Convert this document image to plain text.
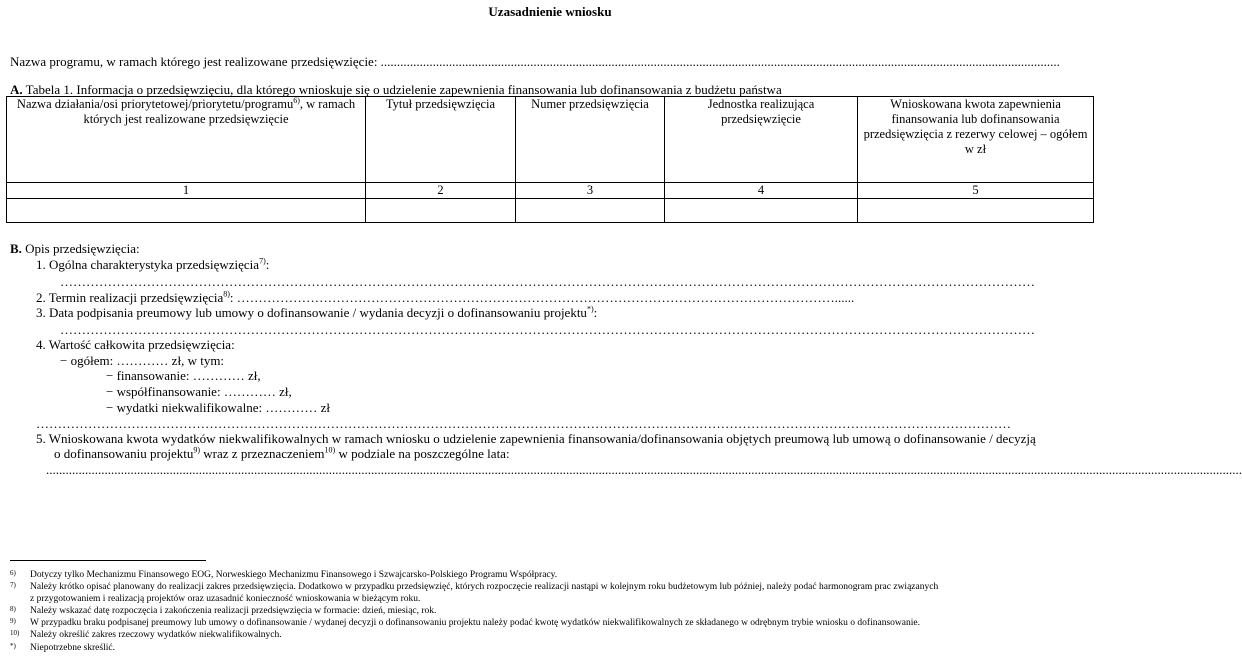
Uzasadnienie wniosku
Nazwa programu, w ramach którego jest realizowane przedsięwzięcie: .................................................................................................................................................................................................................
A. Tabela 1. Informacja o przedsięwzięciu, dla którego wnioskuje się o udzielenie zapewnienia finansowania lub dofinansowania z budżetu państwa
Nazwa działania/osi priorytetowej/priorytetu/programu$^{6)}$, w ramach których jest realizowane przedsięwzięcie	Tytuł przedsięwzięcia	Numer przedsięwzięcia	Jednostka realizująca przedsięwzięcie	Wnioskowana kwota zapewnienia finansowania lub dofinansowania przedsięwzięcia z rezerwy celowej – ogółem w zł
1	2	3	4	5

B. Opis przedsięwzięcia:
1. Ogólna charakterystyka przedsięwzięcia$^{7)}$:
………………………………………………………………………………………………………………………………………………………………………………………………………
2. Termin realizacji przedsięwzięcia$^{8)}$: …………………………………………………………………………………………………………………………......
3. Data podpisania preumowy lub umowy o dofinansowanie / wydania decyzji o dofinansowaniu projektu*):
………………………………………………………………………………………………………………………………………………………………………………………………………
4. Wartość całkowita przedsięwzięcia:
− ogółem: ………… zł, w tym:
− finansowanie: ………… zł,
− współfinansowanie: ………… zł,
− wydatki niekwalifikowalne: ………… zł
………………………………………………………………………………………………………………………………………………………………………………………………………
5. Wnioskowana kwota wydatków niekwalifikowalnych w ramach wniosku o udzielenie zapewnienia finansowania/dofinansowania objętych preumową lub umową o dofinansowanie / decyzją
o dofinansowaniu projektu$^{9)}$ wraz z przeznaczeniem$^{10)}$ w podziale na poszczególne lata:
................................................................................................................................................................................................................................................................................................................................................................................
6) Dotyczy tylko Mechanizmu Finansowego EOG, Norweskiego Mechanizmu Finansowego i Szwajcarsko-Polskiego Programu Współpracy.
7) Należy krótko opisać planowany do realizacji zakres przedsięwzięcia. Dodatkowo w przypadku przedsięwzięć, których rozpoczęcie realizacji nastąpi w kolejnym roku budżetowym lub później, należy podać harmonogram prac związanych
z przygotowaniem i realizacją projektów oraz uzasadnić konieczność wnioskowania w bieżącym roku.
8) Należy wskazać datę rozpoczęcia i zakończenia realizacji przedsięwzięcia w formacie: dzień, miesiąc, rok.
9) W przypadku braku podpisanej preumowy lub umowy o dofinansowanie / wydanej decyzji o dofinansowaniu projektu należy podać kwotę wydatków niekwalifikowalnych ze składanego w odrębnym trybie wniosku o dofinansowanie.
10) Należy określić zakres rzeczowy wydatków niekwalifikowalnych.
*) Niepotrzebne skreślić.
